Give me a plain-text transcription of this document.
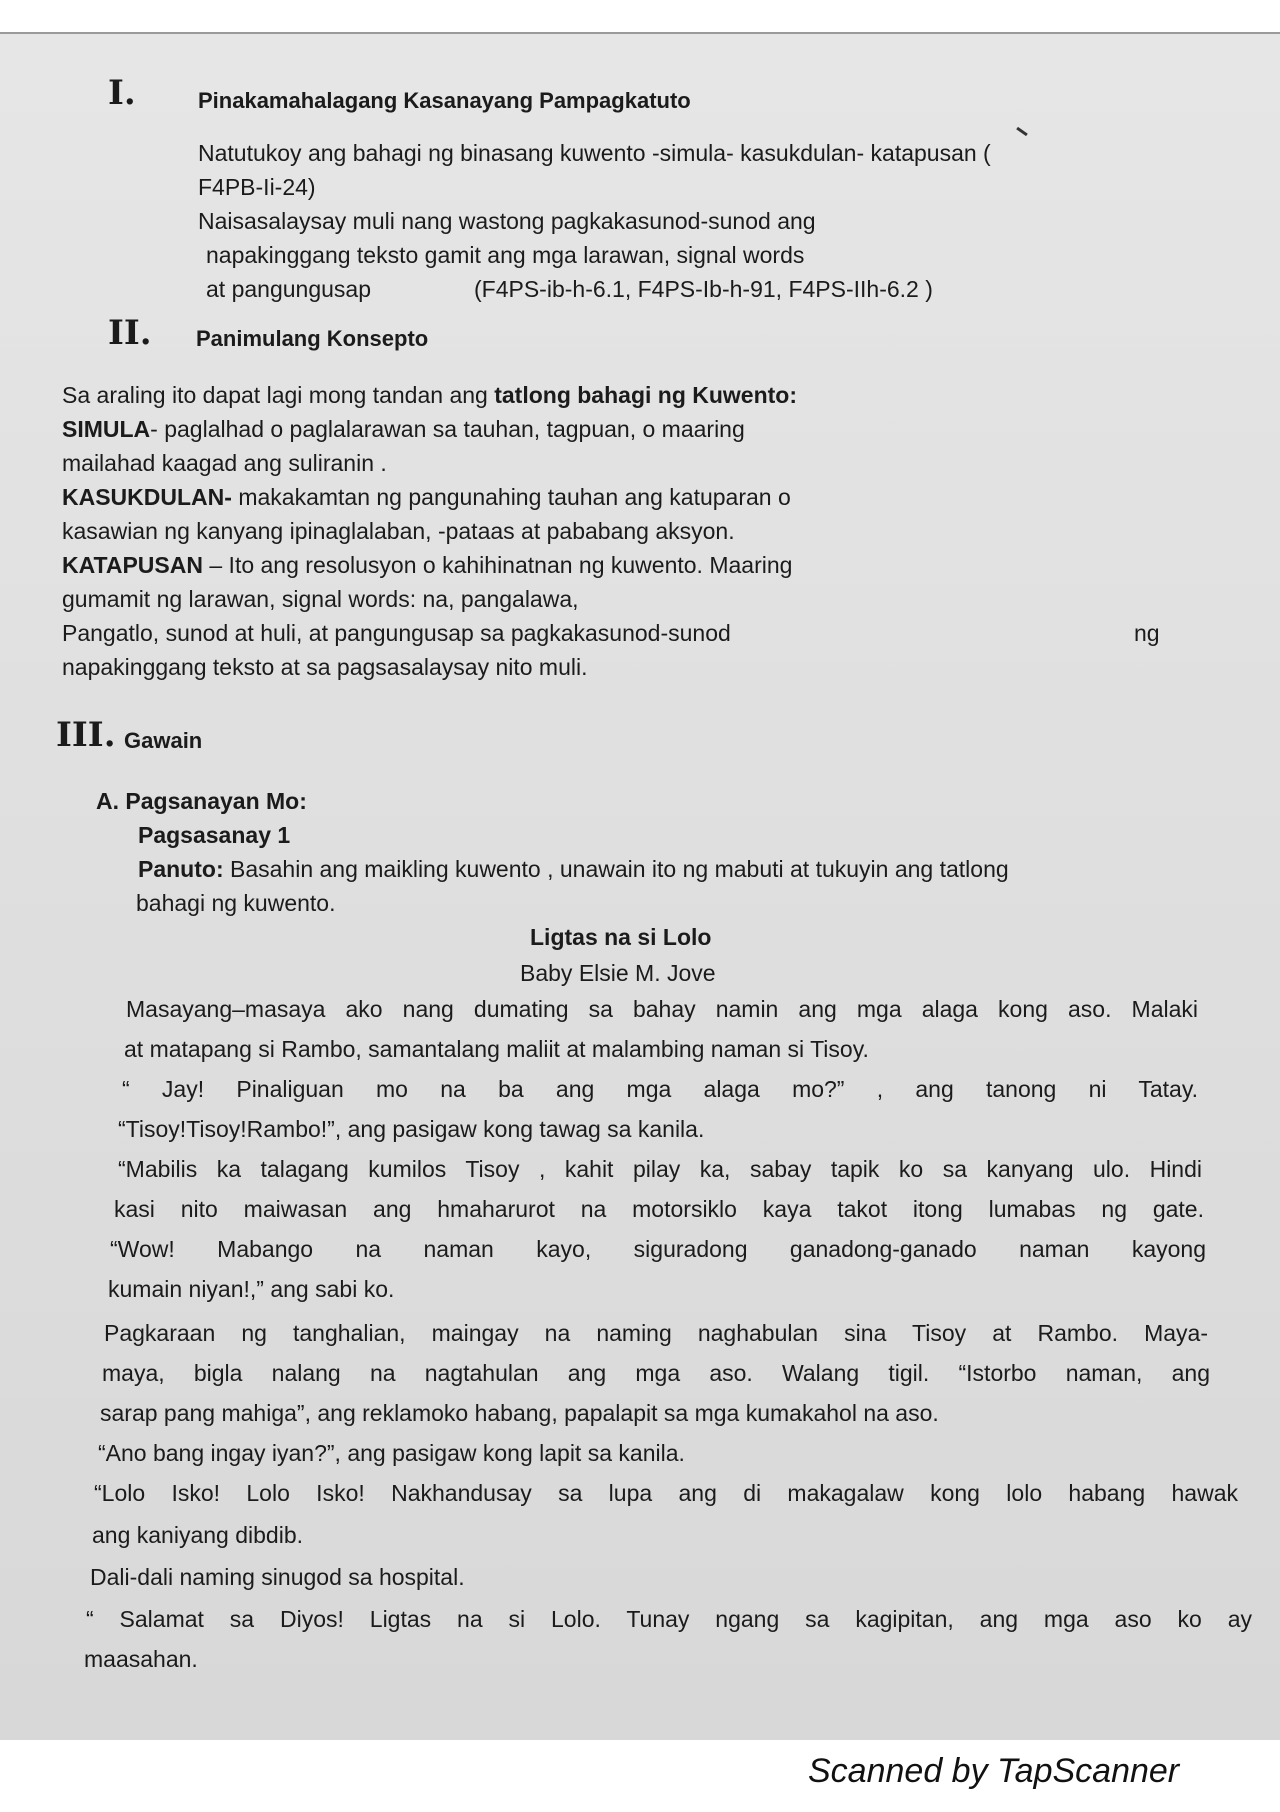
I.	Pinakamahalagang Kasanayang Pampagkatuto
Natutukoy ang bahagi ng binasang kuwento -simula- kasukdulan- katapusan (
F4PB-Ii-24)
Naisasalaysay muli nang wastong pagkakasunod-sunod ang
napakinggang teksto gamit ang mga larawan, signal words
at pangungusap	(F4PS-ib-h-6.1, F4PS-Ib-h-91, F4PS-IIh-6.2 )
II. Panimulang Konsepto

Sa araling ito dapat lagi mong tandan ang tatlong bahagi ng Kuwento:

SIMULA- paglalhad o paglalarawan sa tauhan, tagpuan, o maaring

mailahad kaagad ang suliranin .

KASUKDULAN- makakamtan ng pangunahing tauhan ang katuparan o

kasawian ng kanyang ipinaglalaban, -pataas at pababang aksyon.

KATAPUSAN – Ito ang resolusyon o kahihinatnan ng kuwento. Maaring

gumamit ng larawan, signal words: na, pangalawa,

Pangatlo, sunod at huli, at pangungusap sa pagkakasunod-sunod	ng

napakinggang teksto at sa pagsasalaysay nito muli.

III. Gawain
A. Pagsanayan Mo:
Pagsasanay 1

Panuto: Basahin ang maikling kuwento , unawain ito ng mabuti at tukuyin ang tatlong

bahagi ng kuwento.
Ligtas na si Lolo
Baby Elsie M. Jove

Masayang–masaya ako nang dumating sa bahay namin ang mga alaga kong aso. Malaki

at matapang si Rambo, samantalang maliit at malambing naman si Tisoy.

“ Jay! Pinaliguan mo na ba ang mga alaga mo?” , ang tanong ni Tatay.

“Tisoy!Tisoy!Rambo!”, ang pasigaw kong tawag sa kanila.

“Mabilis ka talagang kumilos Tisoy , kahit pilay ka, sabay tapik ko sa kanyang ulo. Hindi

kasi nito maiwasan ang hmaharurot na motorsiklo kaya takot itong lumabas ng gate.

“Wow! Mabango na naman kayo, siguradong ganadong-ganado naman kayong

kumain niyan!,” ang sabi ko.

Pagkaraan ng tanghalian, maingay na naming naghabulan sina Tisoy at Rambo. Maya-

maya, bigla nalang na nagtahulan ang mga aso. Walang tigil. “Istorbo naman, ang

sarap pang mahiga”, ang reklamoko habang, papalapit sa mga kumakahol na aso.

“Ano bang ingay iyan?”, ang pasigaw kong lapit sa kanila.

“Lolo Isko! Lolo Isko! Nakhandusay sa lupa ang di makagalaw kong lolo habang hawak

ang kaniyang dibdib.

Dali-dali naming sinugod sa hospital.

“ Salamat sa Diyos! Ligtas na si Lolo. Tunay ngang sa kagipitan, ang mga aso ko ay

maasahan.

Scanned by TapScanner
